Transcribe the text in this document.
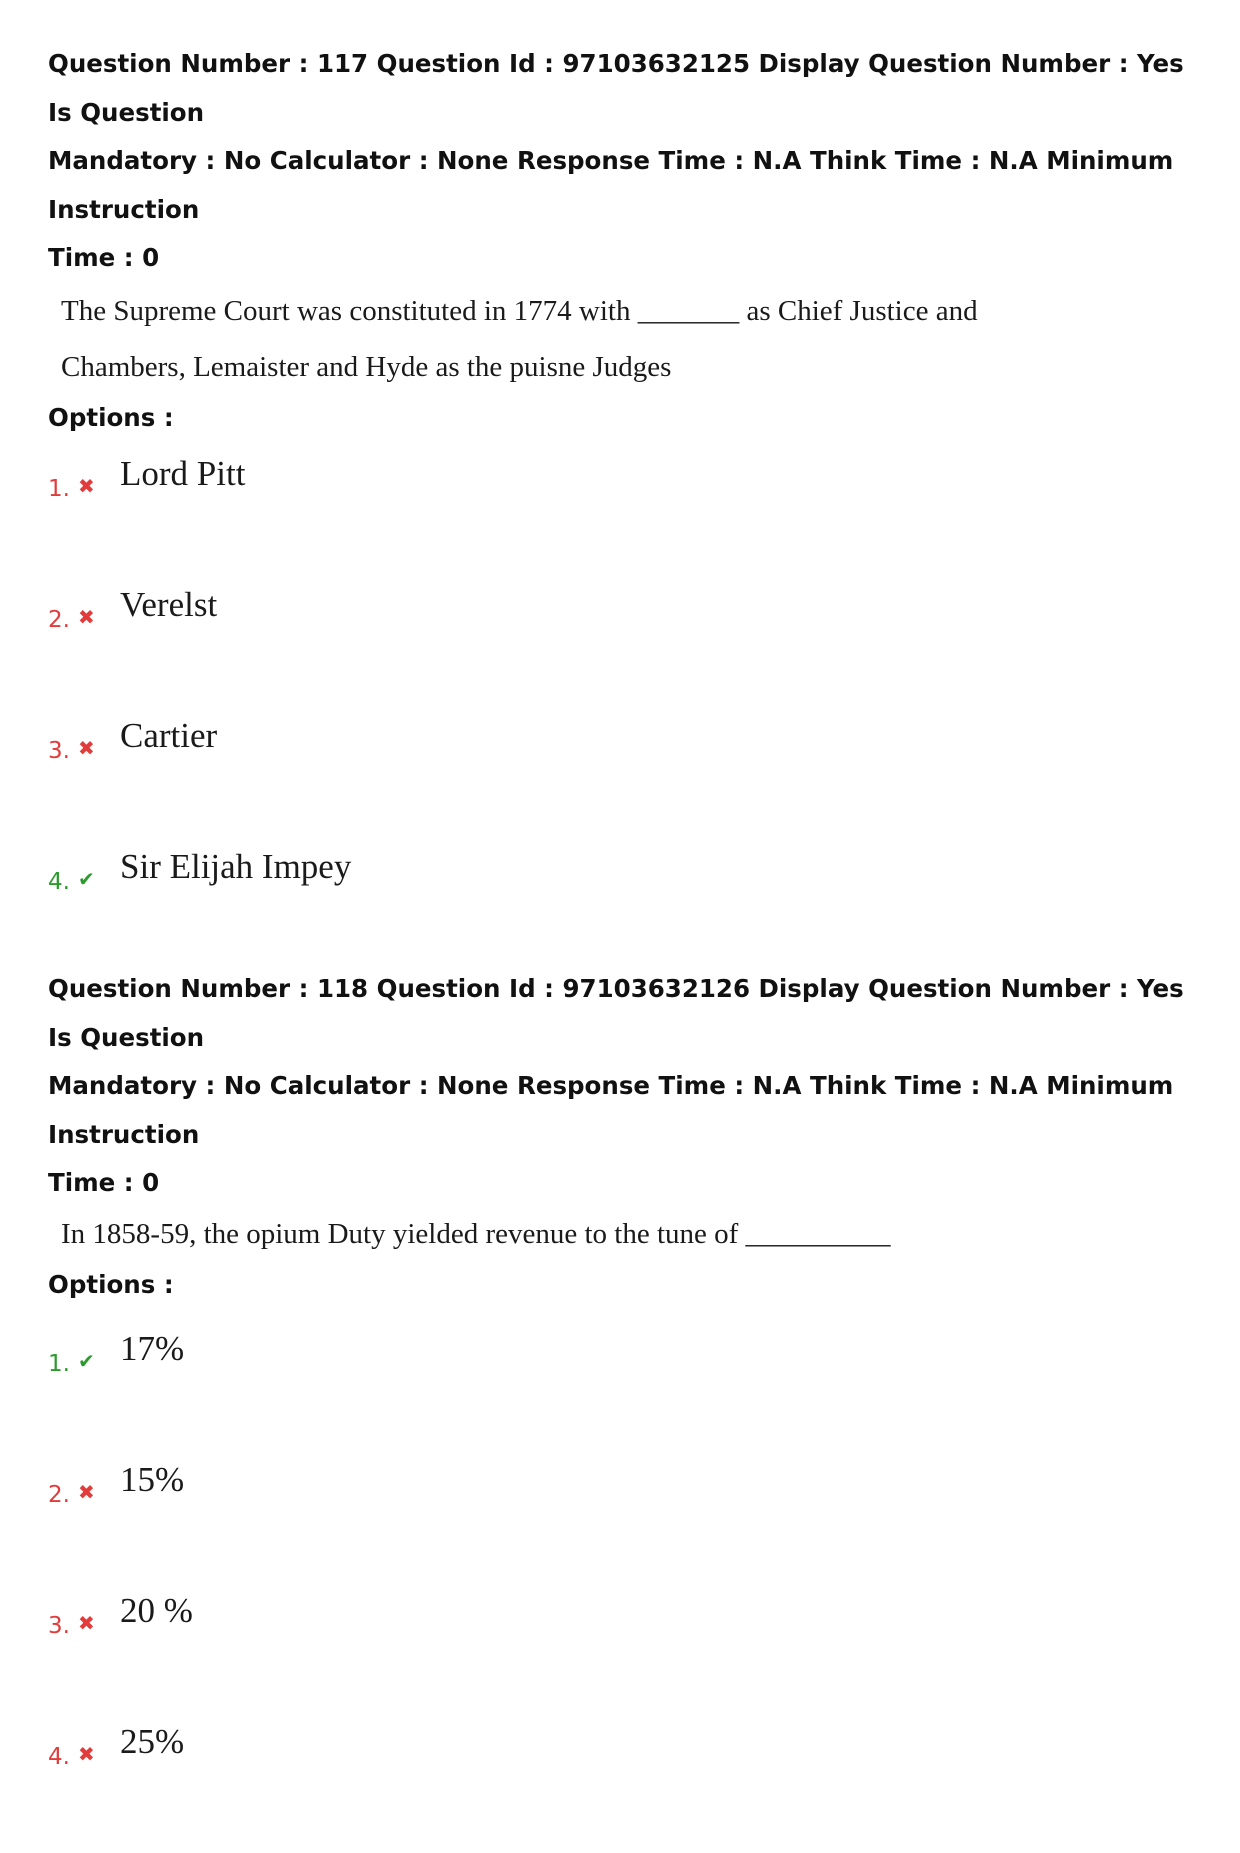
Question Number : 117 Question Id : 97103632125 Display Question Number : Yes Is Question
Mandatory : No Calculator : None Response Time : N.A Think Time : N.A Minimum Instruction
Time : 0
The Supreme Court was constituted in 1774 with _______ as Chief Justice and
Chambers, Lemaister and Hyde as the puisne Judges
Options :
1. ✖ Lord Pitt
2. ✖ Verelst
3. ✖ Cartier
4. ✔ Sir Elijah Impey
Question Number : 118 Question Id : 97103632126 Display Question Number : Yes Is Question
Mandatory : No Calculator : None Response Time : N.A Think Time : N.A Minimum Instruction
Time : 0
In 1858-59, the opium Duty yielded revenue to the tune of __________
Options :
1. ✔ 17%
2. ✖ 15%
3. ✖ 20 %
4. ✖ 25%
